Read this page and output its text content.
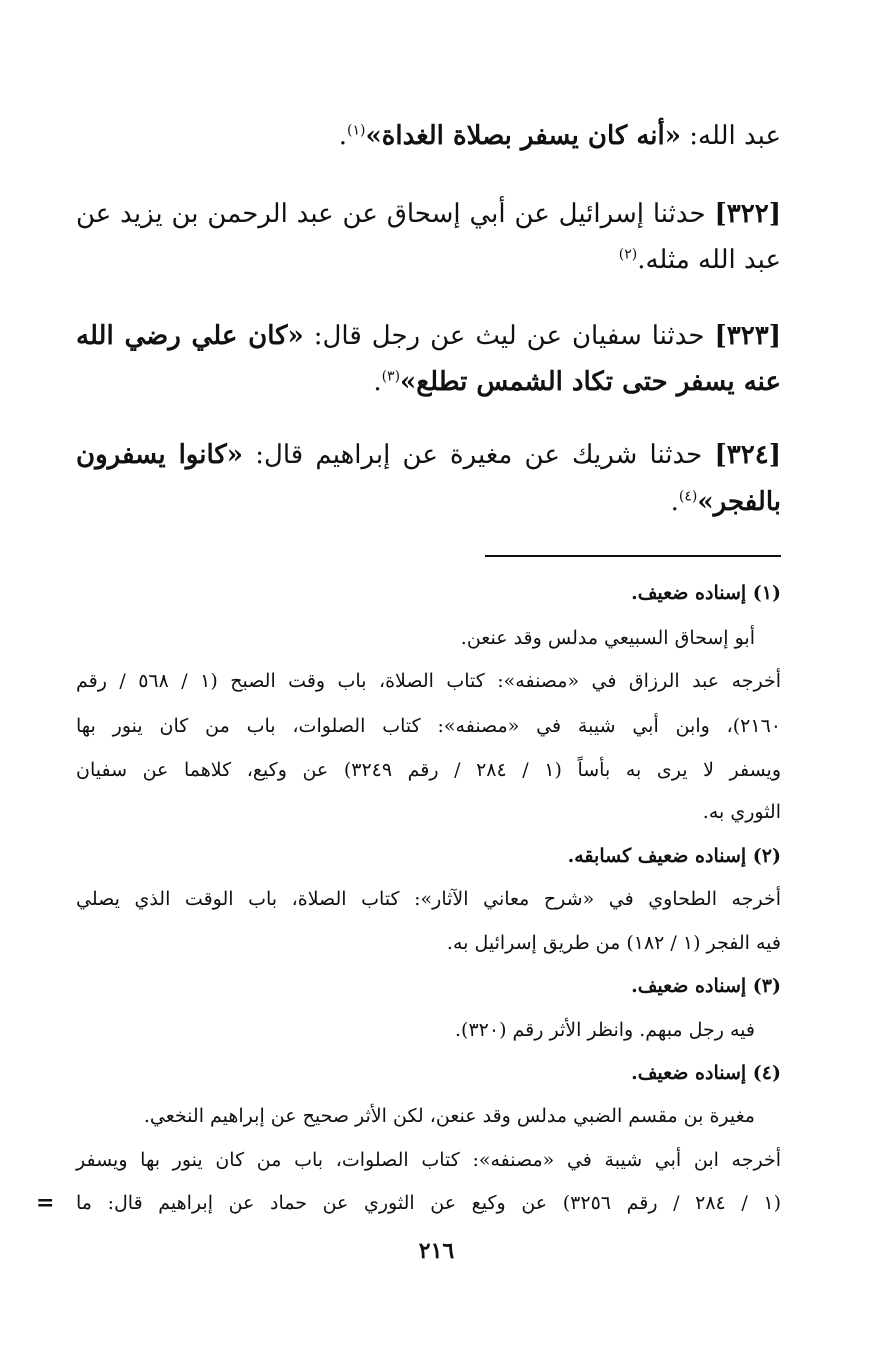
عبد الله: «أنه كان يسفر بصلاة الغداة»$^{(١)}$.
[٣٢٢] حدثنا إسرائيل عن أبي إسحاق عن عبد الرحمن بن يزيد عن
عبد الله مثله.$^{(٢)}$
[٣٢٣] حدثنا سفيان عن ليث عن رجل قال: «كان علي رضي الله
عنه يسفر حتى تكاد الشمس تطلع»$^{(٣)}$.
[٣٢٤] حدثنا شريك عن مغيرة عن إبراهيم قال: «كانوا يسفرون
بالفجر»$^{(٤)}$.
(١) إسناده ضعيف.
أبو إسحاق السبيعي مدلس وقد عنعن.
أخرجه عبد الرزاق في «مصنفه»: كتاب الصلاة، باب وقت الصبح (١ / ٥٦٨ / رقم
٢١٦٠)، وابن أبي شيبة في «مصنفه»: كتاب الصلوات، باب من كان ينور بها
ويسفر لا يرى به بأساً (١ / ٢٨٤ / رقم ٣٢٤٩) عن وكيع، كلاهما عن سفيان
الثوري به.
(٢) إسناده ضعيف كسابقه.
أخرجه الطحاوي في «شرح معاني الآثار»: كتاب الصلاة، باب الوقت الذي يصلي
فيه الفجر (١ / ١٨٢) من طريق إسرائيل به.
(٣) إسناده ضعيف.
فيه رجل مبهم. وانظر الأثر رقم (٣٢٠).
(٤) إسناده ضعيف.
مغيرة بن مقسم الضبي مدلس وقد عنعن، لكن الأثر صحيح عن إبراهيم النخعي.
أخرجه ابن أبي شيبة في «مصنفه»: كتاب الصلوات، باب من كان ينور بها ويسفر
(١ / ٢٨٤ / رقم ٣٢٥٦) عن وكيع عن الثوري عن حماد عن إبراهيم قال: ما
=
٢١٦
